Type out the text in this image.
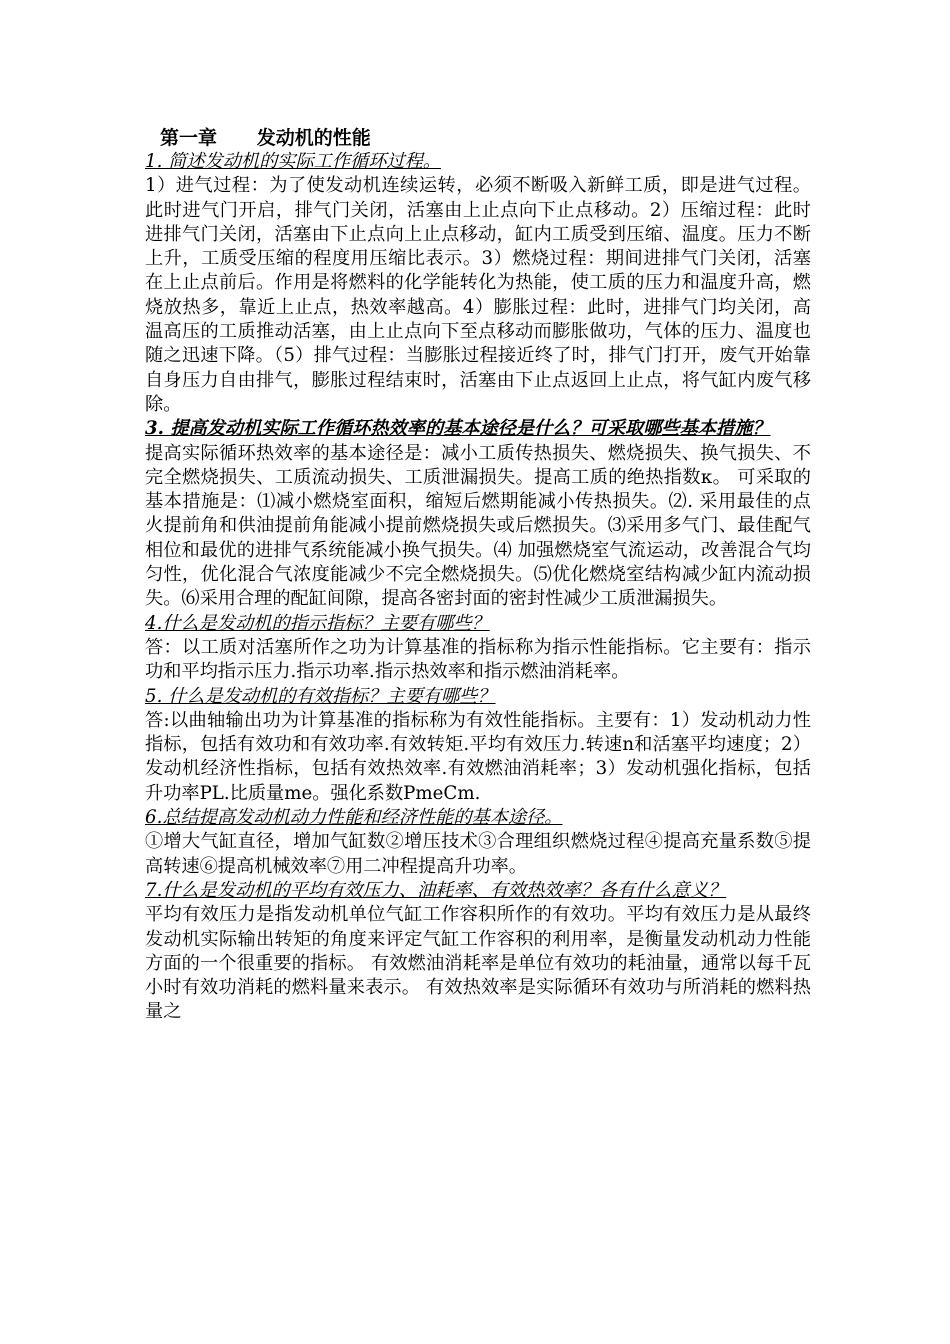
第一章      发动机的性能

1. 简述发动机的实际工作循环过程。

1）进气过程：为了使发动机连续运转，必须不断吸入新鲜工质，即是进气过程。此时进气门开启，排气门关闭，活塞由上止点向下止点移动。2）压缩过程：此时进排气门关闭，活塞由下止点向上止点移动，缸内工质受到压缩、温度。压力不断上升，工质受压缩的程度用压缩比表示。3）燃烧过程：期间进排气门关闭，活塞在上止点前后。作用是将燃料的化学能转化为热能，使工质的压力和温度升高，燃烧放热多，靠近上止点，热效率越高。4）膨胀过程：此时，进排气门均关闭，高温高压的工质推动活塞，由上止点向下至点移动而膨胀做功，气体的压力、温度也随之迅速下降。（5）排气过程：当膨胀过程接近终了时，排气门打开，废气开始靠自身压力自由排气，膨胀过程结束时，活塞由下止点返回上止点，将气缸内废气移除。

3. 提高发动机实际工作循环热效率的基本途径是什么？可采取哪些基本措施？

提高实际循环热效率的基本途径是：减小工质传热损失、燃烧损失、换气损失、不完全燃烧损失、工质流动损失、工质泄漏损失。提高工质的绝热指数κ。 可采取的基本措施是：⑴减小燃烧室面积，缩短后燃期能减小传热损失。⑵. 采用最佳的点火提前角和供油提前角能减小提前燃烧损失或后燃损失。⑶采用多气门、最佳配气相位和最优的进排气系统能减小换气损失。⑷ 加强燃烧室气流运动，改善混合气均匀性，优化混合气浓度能减少不完全燃烧损失。⑸优化燃烧室结构减少缸内流动损失。⑹采用合理的配缸间隙，提高各密封面的密封性减少工质泄漏损失。

4.什么是发动机的指示指标？主要有哪些？

答：以工质对活塞所作之功为计算基准的指标称为指示性能指标。它主要有：指示功和平均指示压力.指示功率.指示热效率和指示燃油消耗率。

5. 什么是发动机的有效指标？主要有哪些？

答:以曲轴输出功为计算基准的指标称为有效性能指标。主要有：1）发动机动力性指标，包括有效功和有效功率.有效转矩.平均有效压力.转速n和活塞平均速度；2）发动机经济性指标，包括有效热效率.有效燃油消耗率；3）发动机强化指标，包括升功率PL.比质量me。强化系数PmeCm.

6.总结提高发动机动力性能和经济性能的基本途径。

①增大气缸直径，增加气缸数②增压技术③合理组织燃烧过程④提高充量系数⑤提高转速⑥提高机械效率⑦用二冲程提高升功率。

7.什么是发动机的平均有效压力、油耗率、有效热效率？各有什么意义？

平均有效压力是指发动机单位气缸工作容积所作的有效功。平均有效压力是从最终发动机实际输出转矩的角度来评定气缸工作容积的利用率，是衡量发动机动力性能方面的一个很重要的指标。 有效燃油消耗率是单位有效功的耗油量，通常以每千瓦小时有效功消耗的燃料量来表示。 有效热效率是实际循环有效功与所消耗的燃料热量之
